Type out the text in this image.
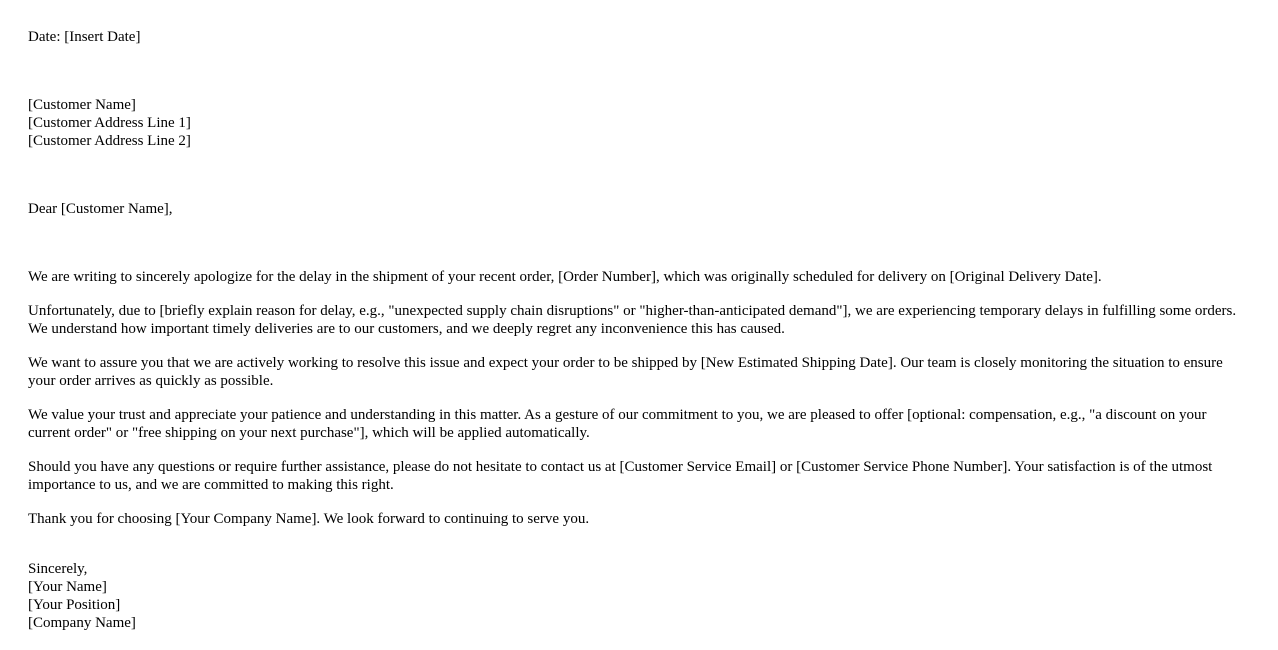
Date: [Insert Date]
[Customer Name]
[Customer Address Line 1]
[Customer Address Line 2]
Dear [Customer Name],

We are writing to sincerely apologize for the delay in the shipment of your recent order, [Order Number], which was originally scheduled for delivery on [Original Delivery Date].

Unfortunately, due to [briefly explain reason for delay, e.g., "unexpected supply chain disruptions" or "higher-than-anticipated demand"], we are experiencing temporary delays in fulfilling some orders. We understand how important timely deliveries are to our customers, and we deeply regret any inconvenience this has caused.

We want to assure you that we are actively working to resolve this issue and expect your order to be shipped by [New Estimated Shipping Date]. Our team is closely monitoring the situation to ensure your order arrives as quickly as possible.

We value your trust and appreciate your patience and understanding in this matter. As a gesture of our commitment to you, we are pleased to offer [optional: compensation, e.g., "a discount on your current order" or "free shipping on your next purchase"], which will be applied automatically.

Should you have any questions or require further assistance, please do not hesitate to contact us at [Customer Service Email] or [Customer Service Phone Number]. Your satisfaction is of the utmost importance to us, and we are committed to making this right.

Thank you for choosing [Your Company Name]. We look forward to continuing to serve you.

Sincerely,
[Your Name]
[Your Position]
[Company Name]
